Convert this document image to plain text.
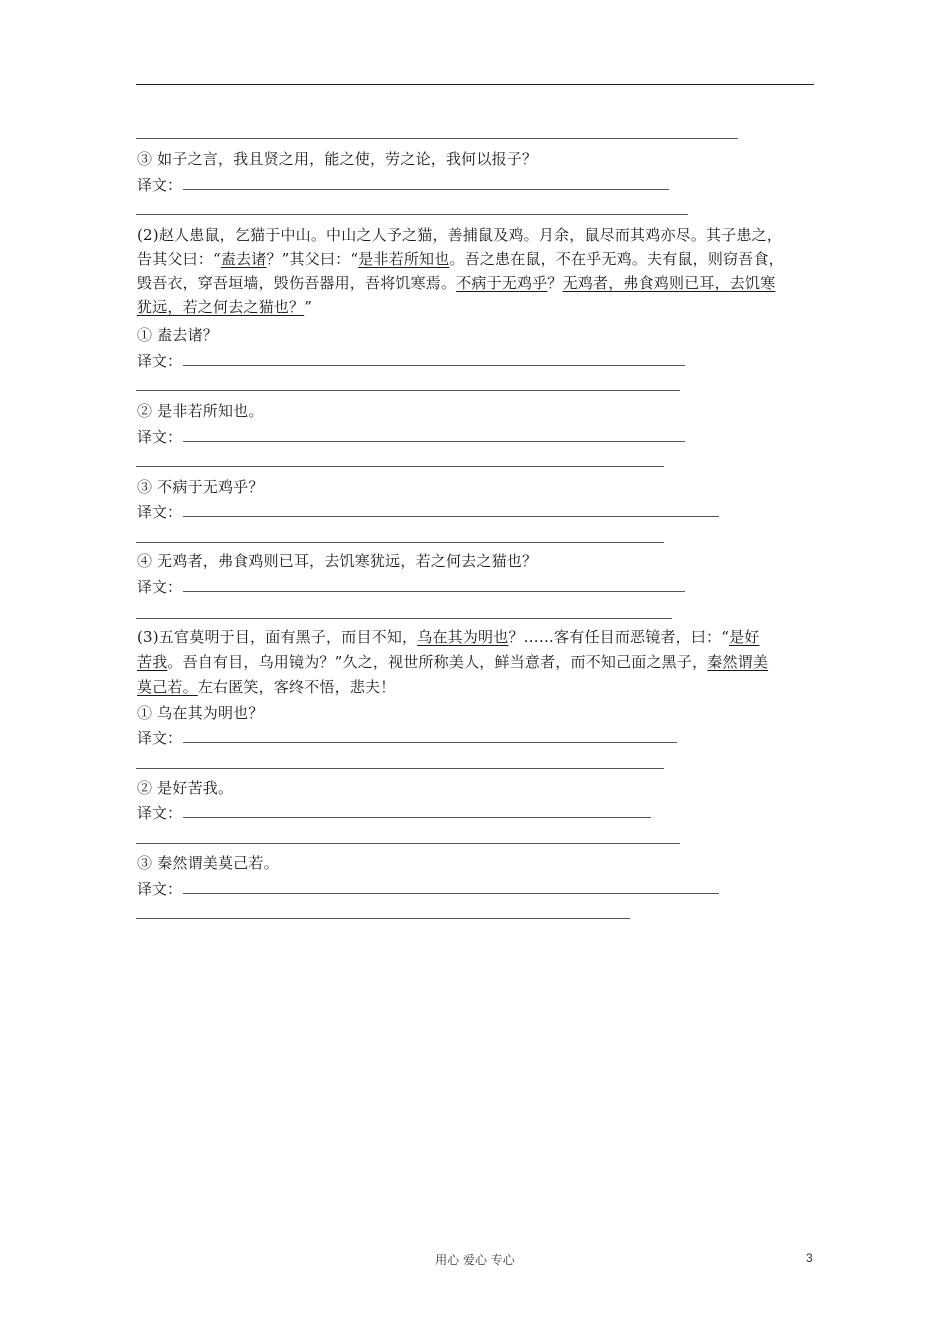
③ 如子之言，我且贤之用，能之使，劳之论，我何以报子？
译文：
(2)赵人患鼠，乞猫于中山。中山之人予之猫，善捕鼠及鸡。月余，鼠尽而其鸡亦尽。其子患之，
告其父曰：“盍去诸？”其父曰：“是非若所知也。吾之患在鼠，不在乎无鸡。夫有鼠，则窃吾食，
毁吾衣，穿吾垣墙，毁伤吾器用，吾将饥寒焉。不病于无鸡乎？无鸡者，弗食鸡则已耳，去饥寒
犹远，若之何去之猫也？”
① 盍去诸？
译文：
② 是非若所知也。
译文：
③ 不病于无鸡乎？
译文：
④ 无鸡者，弗食鸡则已耳，去饥寒犹远，若之何去之猫也？
译文：
(3)五官莫明于目，面有黑子，而目不知，乌在其为明也？……客有任目而恶镜者，曰：“是好
苦我。吾自有目，乌用镜为？”久之，视世所称美人，鲜当意者，而不知己面之黑子，秦然谓美
莫己若。左右匿笑，客终不悟，悲夫！
① 乌在其为明也？
译文：
② 是好苦我。
译文：
③ 秦然谓美莫己若。
译文：
用心 爱心 专心	3
